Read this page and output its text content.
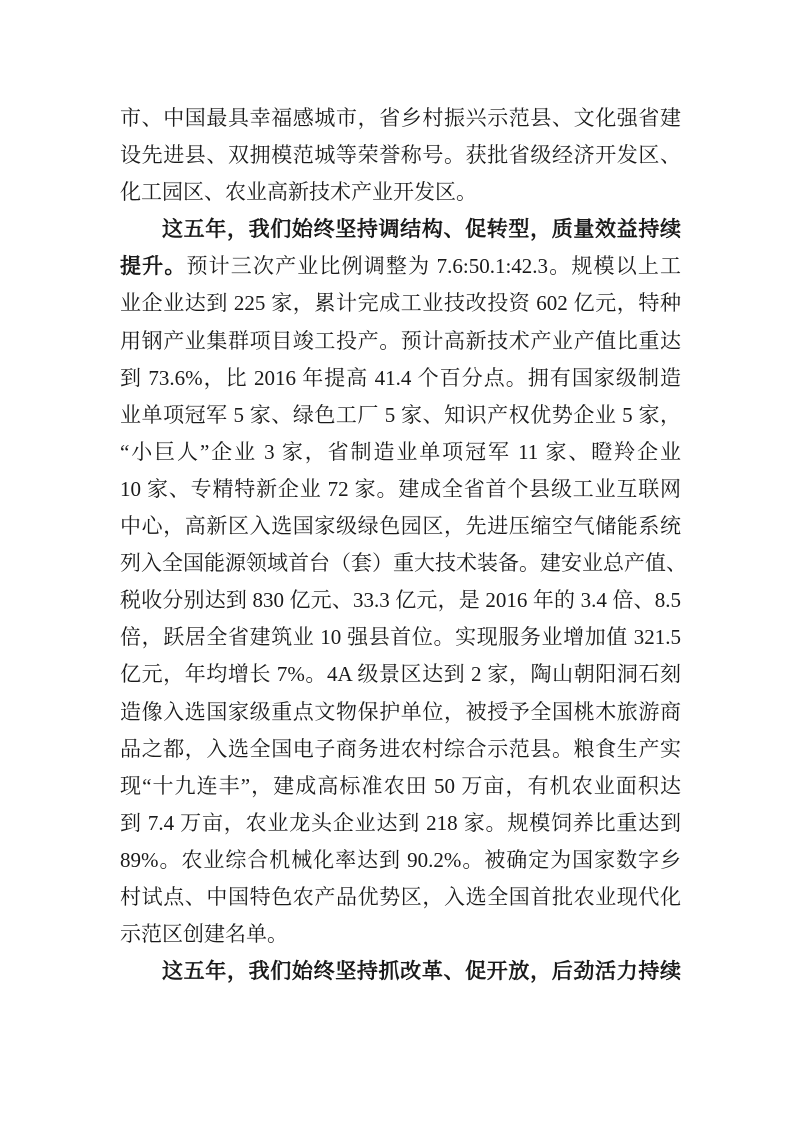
市、中国最具幸福感城市，省乡村振兴示范县、文化强省建
设先进县、双拥模范城等荣誉称号。获批省级经济开发区、
化工园区、农业高新技术产业开发区。
这五年，我们始终坚持调结构、促转型，质量效益持续
提升。预计三次产业比例调整为 7.6:50.1:42.3。规模以上工
业企业达到 225 家，累计完成工业技改投资 602 亿元，特种
用钢产业集群项目竣工投产。预计高新技术产业产值比重达
到 73.6%，比 2016 年提高 41.4 个百分点。拥有国家级制造
业单项冠军 5 家、绿色工厂 5 家、知识产权优势企业 5 家，
“小巨人”企业 3 家，省制造业单项冠军 11 家、瞪羚企业
10 家、专精特新企业 72 家。建成全省首个县级工业互联网
中心，高新区入选国家级绿色园区，先进压缩空气储能系统
列入全国能源领域首台（套）重大技术装备。建安业总产值、
税收分别达到 830 亿元、33.3 亿元，是 2016 年的 3.4 倍、8.5
倍，跃居全省建筑业 10 强县首位。实现服务业增加值 321.5
亿元，年均增长 7%。4A 级景区达到 2 家，陶山朝阳洞石刻
造像入选国家级重点文物保护单位，被授予全国桃木旅游商
品之都，入选全国电子商务进农村综合示范县。粮食生产实
现“十九连丰”，建成高标准农田 50 万亩，有机农业面积达
到 7.4 万亩，农业龙头企业达到 218 家。规模饲养比重达到
89%。农业综合机械化率达到 90.2%。被确定为国家数字乡
村试点、中国特色农产品优势区，入选全国首批农业现代化
示范区创建名单。
这五年，我们始终坚持抓改革、促开放，后劲活力持续
